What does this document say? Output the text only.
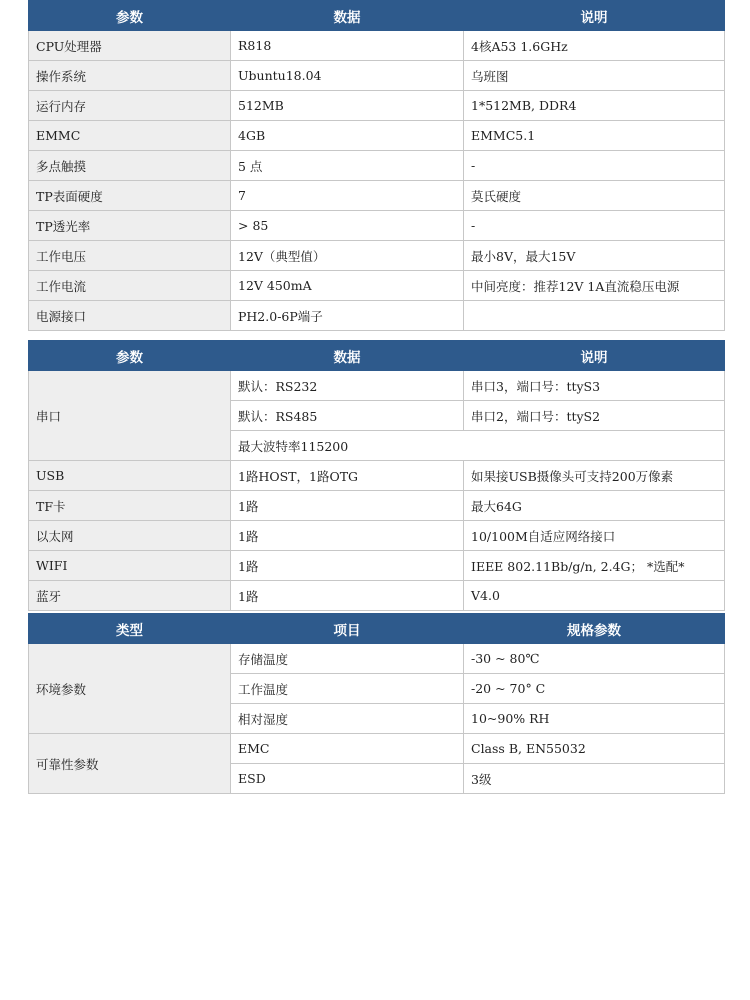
参数	数据	说明
CPU处理器	R818	4核A53 1.6GHz
操作系统	Ubuntu18.04	乌班图
运行内存	512MB	1*512MB, DDR4
EMMC	4GB	EMMC5.1
多点触摸	5 点	-
TP表面硬度	7	莫氏硬度
TP透光率	> 85	-
工作电压	12V（典型值）	最小8V，最大15V
工作电流	12V 450mA	中间亮度：推荐12V 1A直流稳压电源
电源接口	PH2.0-6P端子	
参数	数据	说明
串口	默认：RS232	串口3，端口号：ttyS3
	默认：RS485	串口2，端口号：ttyS2
	最大波特率115200	
USB	1路HOST，1路OTG	如果接USB摄像头可支持200万像素
TF卡	1路	最大64G
以太网	1路	10/100M自适应网络接口
WIFI	1路	IEEE 802.11Bb/g/n, 2.4G； *选配*
蓝牙	1路	V4.0
类型	项目	规格参数
环境参数	存储温度	-30 ~ 80℃
	工作温度	-20 ~ 70° C
	相对湿度	10~90% RH
可靠性参数	EMC	Class B, EN55032
	ESD	3级
